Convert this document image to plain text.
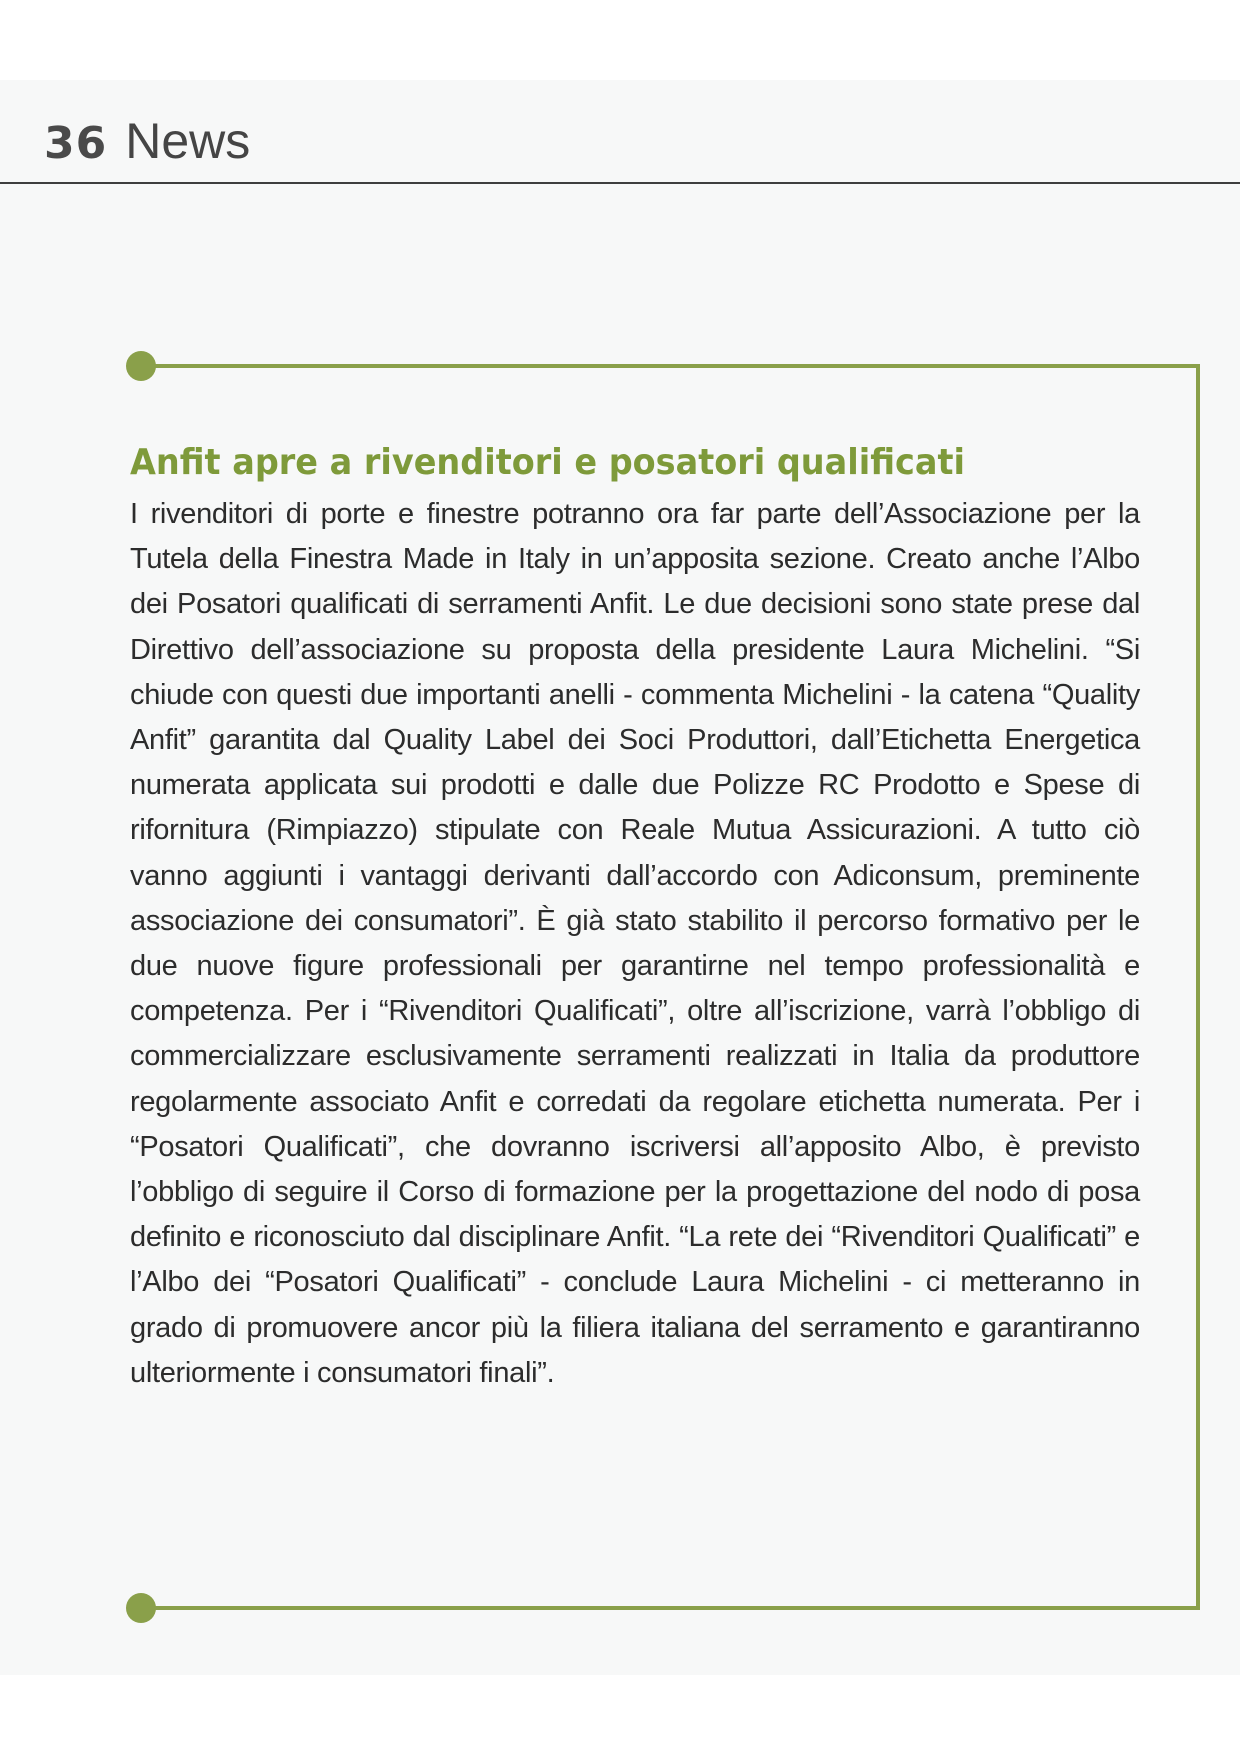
36 News
Anfit apre a rivenditori e posatori qualificati

I rivenditori di porte e finestre potranno ora far parte dell’Associazione per la Tutela della Finestra Made in Italy in un’apposita sezione. Creato anche l’Albo dei Posatori qualificati di serramenti Anfit. Le due decisioni sono state prese dal Direttivo dell’associazione su proposta della presidente Laura Michelini. “Si chiude con questi due importanti anelli - commenta Michelini - la catena “Quality Anfit” garantita dal Quality Label dei Soci Produttori, dall’Etichetta Energetica numerata applicata sui prodotti e dalle due Polizze RC Prodotto e Spese di rifornitura (Rimpiazzo) stipulate con Reale Mutua Assicurazioni. A tutto ciò vanno aggiunti i vantaggi derivanti dall’accordo con Adiconsum, preminente associazione dei consumatori”. È già stato stabilito il percorso formativo per le due nuove figure professionali per garantirne nel tempo professionalità e competenza. Per i “Rivenditori Qualificati”, oltre all’iscrizione, varrà l’obbligo di commercializzare esclusivamente serramenti realizzati in Italia da produttore regolarmente associato Anfit e corredati da regolare etichetta numerata. Per i “Posatori Qualificati”, che dovranno iscriversi all’apposito Albo, è previsto l’obbligo di seguire il Corso di formazione per la progettazione del nodo di posa definito e riconosciuto dal disciplinare Anfit. “La rete dei “Rivenditori Qualificati” e l’Albo dei “Posatori Qualificati” - conclude Laura Michelini - ci metteranno in grado di promuovere ancor più la filiera italiana del serramento e garantiranno ulteriormente i consumatori finali”.
